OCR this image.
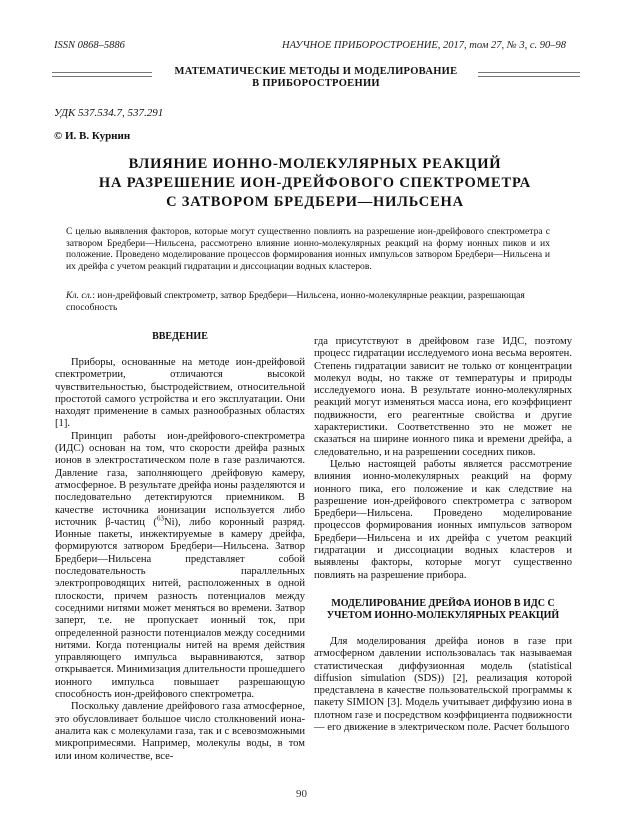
ISSN 0868–5886	НАУЧНОЕ ПРИБОРОСТРОЕНИЕ, 2017, том 27, № 3, с. 90–98
МАТЕМАТИЧЕСКИЕ МЕТОДЫ И МОДЕЛИРОВАНИЕ
В ПРИБОРОСТРОЕНИИ
УДК 537.534.7, 537.291
© И. В. Курнин
ВЛИЯНИЕ ИОННО-МОЛЕКУЛЯРНЫХ РЕАКЦИЙ
НА РАЗРЕШЕНИЕ ИОН-ДРЕЙФОВОГО СПЕКТРОМЕТРА
С ЗАТВОРОМ БРЕДБЕРИ—НИЛЬСЕНА
С целью выявления факторов, которые могут существенно повлиять на разрешение ион-дрейфового спектрометра с затвором Бредбери—Нильсена, рассмотрено влияние ионно-молекулярных реакций на форму ионных пиков и их положение. Проведено моделирование процессов формирования ионных импульсов затвором Бредбери—Нильсена и их дрейфа с учетом реакций гидратации и диссоциации водных кластеров.
Кл. сл.: ион-дрейфовый спектрометр, затвор Бредбери—Нильсена, ионно-молекулярные реакции, разрешающая способность
ВВЕДЕНИЕ

Приборы, основанные на методе ион-дрейфовой спектрометрии, отличаются высокой чувствительностью, быстродействием, относительной простотой самого устройства и его эксплуатации. Они находят применение в самых разнообразных областях [1].

Принцип работы ион-дрейфового-спектрометра (ИДС) основан на том, что скорости дрейфа разных ионов в электростатическом поле в газе различаются. Давление газа, заполняющего дрейфовую камеру, атмосферное. В результате дрейфа ионы разделяются и последовательно детектируются приемником. В качестве источника ионизации используется либо источник β-частиц ($^{63}$Ni), либо коронный разряд. Ионные пакеты, инжектируемые в камеру дрейфа, формируются затвором Бредбери—Нильсена. Затвор Бредбери—Нильсена представляет собой последовательность параллельных электропроводящих нитей, расположенных в одной плоскости, причем разность потенциалов между соседними нитями может меняться во времени. Затвор заперт, т.е. не пропускает ионный ток, при определенной разности потенциалов между соседними нитями. Когда потенциалы нитей на время действия управляющего импульса выравниваются, затвор открывается. Минимизация длительности прошедшего ионного импульса повышает разрешающую способность ион-дрейфового спектрометра.

Поскольку давление дрейфового газа атмосферное, это обусловливает большое число столкновений иона-аналита как с молекулами газа, так и с всевозможными микропримесями. Например, молекулы воды, в том или ином количестве, все-

гда присутствуют в дрейфовом газе ИДС, поэтому процесс гидратации исследуемого иона весьма вероятен. Степень гидратации зависит не только от концентрации молекул воды, но также от температуры и природы исследуемого иона. В результате ионно-молекулярных реакций могут изменяться масса иона, его коэффициент подвижности, его реагентные свойства и другие характеристики. Соответственно это не может не сказаться на ширине ионного пика и времени дрейфа, а следовательно, и на разрешении соседних пиков.

Целью настоящей работы является рассмотрение влияния ионно-молекулярных реакций на форму ионного пика, его положение и как следствие на разрешение ион-дрейфового спектрометра с затвором Бредбери—Нильсена. Проведено моделирование процессов формирования ионных импульсов затвором Бредбери—Нильсена и их дрейфа с учетом реакций гидратации и диссоциации водных кластеров и выявлены факторы, которые могут существенно повлиять на разрешение прибора.

МОДЕЛИРОВАНИЕ ДРЕЙФА ИОНОВ В ИДС С УЧЕТОМ ИОННО-МОЛЕКУЛЯРНЫХ РЕАКЦИЙ

Для моделирования дрейфа ионов в газе при атмосферном давлении использовалась так называемая статистическая диффузионная модель (statistical diffusion simulation (SDS)) [2], реализация которой представлена в качестве пользовательской программы к пакету SIMION [3]. Модель учитывает диффузию иона в плотном газе и посредством коэффициента подвижности — его движение в электрическом поле. Расчет большого

90
